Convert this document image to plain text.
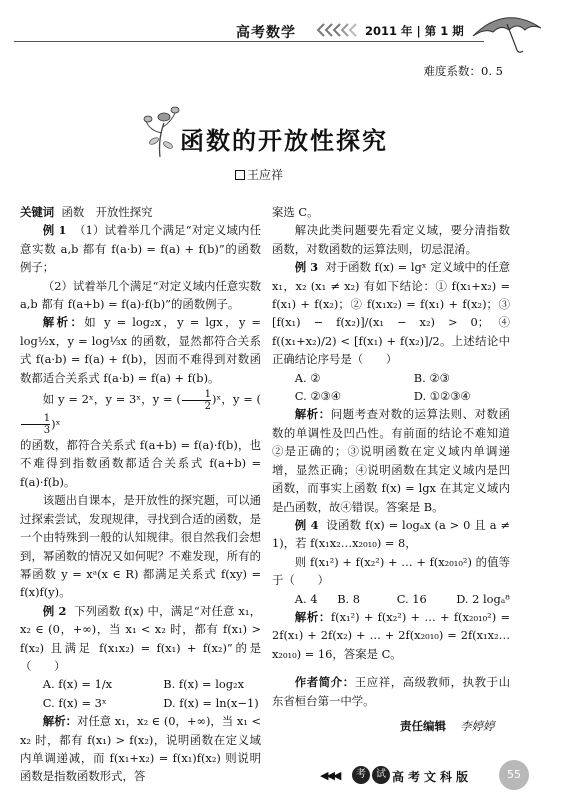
高考数学	2011 年 | 第 1 期
难度系数：0. 5
函数的开放性探究
王应祥

关键词 函数　开放性探究

例 1 （1）试着举几个满足“对定义域内任意实数 a,b 都有 f(a·b) = f(a) + f(b)”的函数例子；

（2）试着举几个满足“对定义域内任意实数 a,b 都有 f(a+b) = f(a)·f(b)”的函数例子。

解析：如 y = log₂x，y = lgx，y = log½x，y = log⅓x 的函数，显然都符合关系式 f(a·b) = f(a) + f(b)，因而不难得到对数函数都适合关系式 f(a·b) = f(a) + f(b)。

如 y = 2ˣ，y = 3ˣ，y = ( $\frac{1}{2}$ )ˣ，y = (
$\frac{1}{3}$ )ˣ

的函数，都符合关系式 f(a+b) = f(a)·f(b)，也不难得到指数函数都适合关系式 f(a+b) = f(a)·f(b)。

该题出自课本，是开放性的探究题，可以通过探索尝试，发现规律，寻找到合适的函数，是一个由特殊到一般的认知规律。很自然我们会想到，幂函数的情况又如何呢？不难发现，所有的幂函数 y = xᵃ(x ∈ R) 都满足关系式 f(xy) = f(x)f(y)。

例 2 下列函数 f(x) 中，满足“对任意 x₁，x₂ ∈ (0，+∞)，当 x₁ < x₂ 时，都有 f(x₁) > f(x₂) 且满足 f(x₁x₂) = f(x₁) + f(x₂)”的是（　　）

A. f(x) = 1/x	B. f(x) = log₂x
C. f(x) = 3ˣ	D. f(x) = ln(x−1)

解析：对任意 x₁，x₂ ∈ (0，+∞)，当 x₁ < x₂ 时，都有 f(x₁) > f(x₂)，说明函数在定义域内单调递减，而 f(x₁+x₂) = f(x₁)f(x₂) 则说明函数是指数函数形式，答

案选 C。

解决此类问题要先看定义域，要分清指数函数，对数函数的运算法则，切忌混淆。

例 3 对于函数 f(x) = lgˣ 定义域中的任意 x₁，x₂ (x₁ ≠ x₂) 有如下结论：① f(x₁+x₂) = f(x₁) + f(x₂)；② f(x₁x₂) = f(x₁) + f(x₂)；③ [f(x₁) − f(x₂)]/(x₁ − x₂) > 0；④ f((x₁+x₂)/2) < [f(x₁) + f(x₂)]/2。上述结论中正确结论序号是（　　）

A. ②	B. ②③
C. ②③④	D. ①②③④

解析：问题考查对数的运算法则、对数函数的单调性及凹凸性。有前面的结论不难知道②是正确的；③说明函数在定义域内单调递增，显然正确；④说明函数在其定义域内是凹函数，而事实上函数 f(x) = lgx 在其定义域内是凸函数，故④错误。答案是 B。

例 4 设函数 f(x) = logₐx (a > 0 且 a ≠ 1)，若 f(x₁x₂…x₂₀₁₀) = 8，

则 f(x₁²) + f(x₂²) + … + f(x₂₀₁₀²) 的值等于（　　）

A. 4	B. 8	C. 16	D. 2 logₐ⁸

解析：f(x₁²) + f(x₂²) + … + f(x₂₀₁₀²) = 2f(x₁) + 2f(x₂) + … + 2f(x₂₀₁₀) = 2f(x₁x₂…x₂₀₁₀) = 16，答案是 C。

作者简介：王应祥，高级教师，执教于山东省桓台第一中学。

责任编辑 李婷婷
◀◀◀	考	试 高考文科版	55
